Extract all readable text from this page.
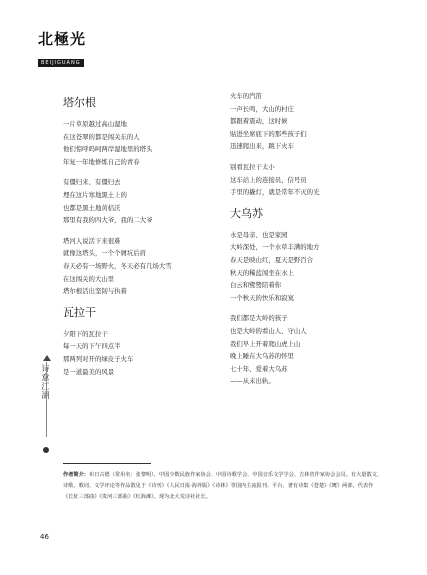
北極光
BEIJIGUANG
塔尔根
一片草原越过高山湿地
在这苍翠的都是闯关东的人
他们惊呼吗呵两岸湿地里的塔头
年复一年地修炼自己的青春
有僵归来、有僵归去
埋在这片寒地黑土上的
也都是黑土地黄桔沃
那里有我的四大爷，我的二大爷
塔河人说活下来很难
就像这塔头，一个个屑坑后肩
春天必有一场野火，冬天必有几场大雪
在这闯关的大山里
塔尔根活出坚韧与执着
瓦拉干
夕阳下的瓦拉干
每一天的下午四点半
那两列对开的绿皮子火车
是一道最美的风景
火车的汽笛
一声长鸣，大山的村庄
都跟着震动，这时候
貼进坐席底下的那些孩子们
迅速爬出来，跳下火车
别看瓦拉干太小
这车站上的连接员、信号员
手里的撬灯，就是常年不灭的光
大乌苏
水是母亲、也是家园
大岭深处，一个水草丰满的地方
春天是映山红，夏天是野百合
秋天的稀蓝闯坐在水上
白云和鹭鸶陪着你
一个秋天的快乐和寂寞
我们都是大岭的孩子
也是大岭的看山人、守山人
我们早上开着爬山虎上山
晚上睡在大乌苏的怀里
七十年、爱着大乌苏
——从未出轨。
作者简介：布日古德（常用名：张黎明），中国少数民族作家协会、中国诗歌学会、中国音乐文学学会、吉林省作家协会会员。有大量散文、诗歌、歌词、文学评论等作品散见于《诗刊》《人民日报·海外版》《诗林》等国内主流报刊、平台。著有诗集《苍楚》《鹰》两部，代表作《长征三部曲》《贵河三部曲》《红海滩》。现为北大荒诗社社长。
46
